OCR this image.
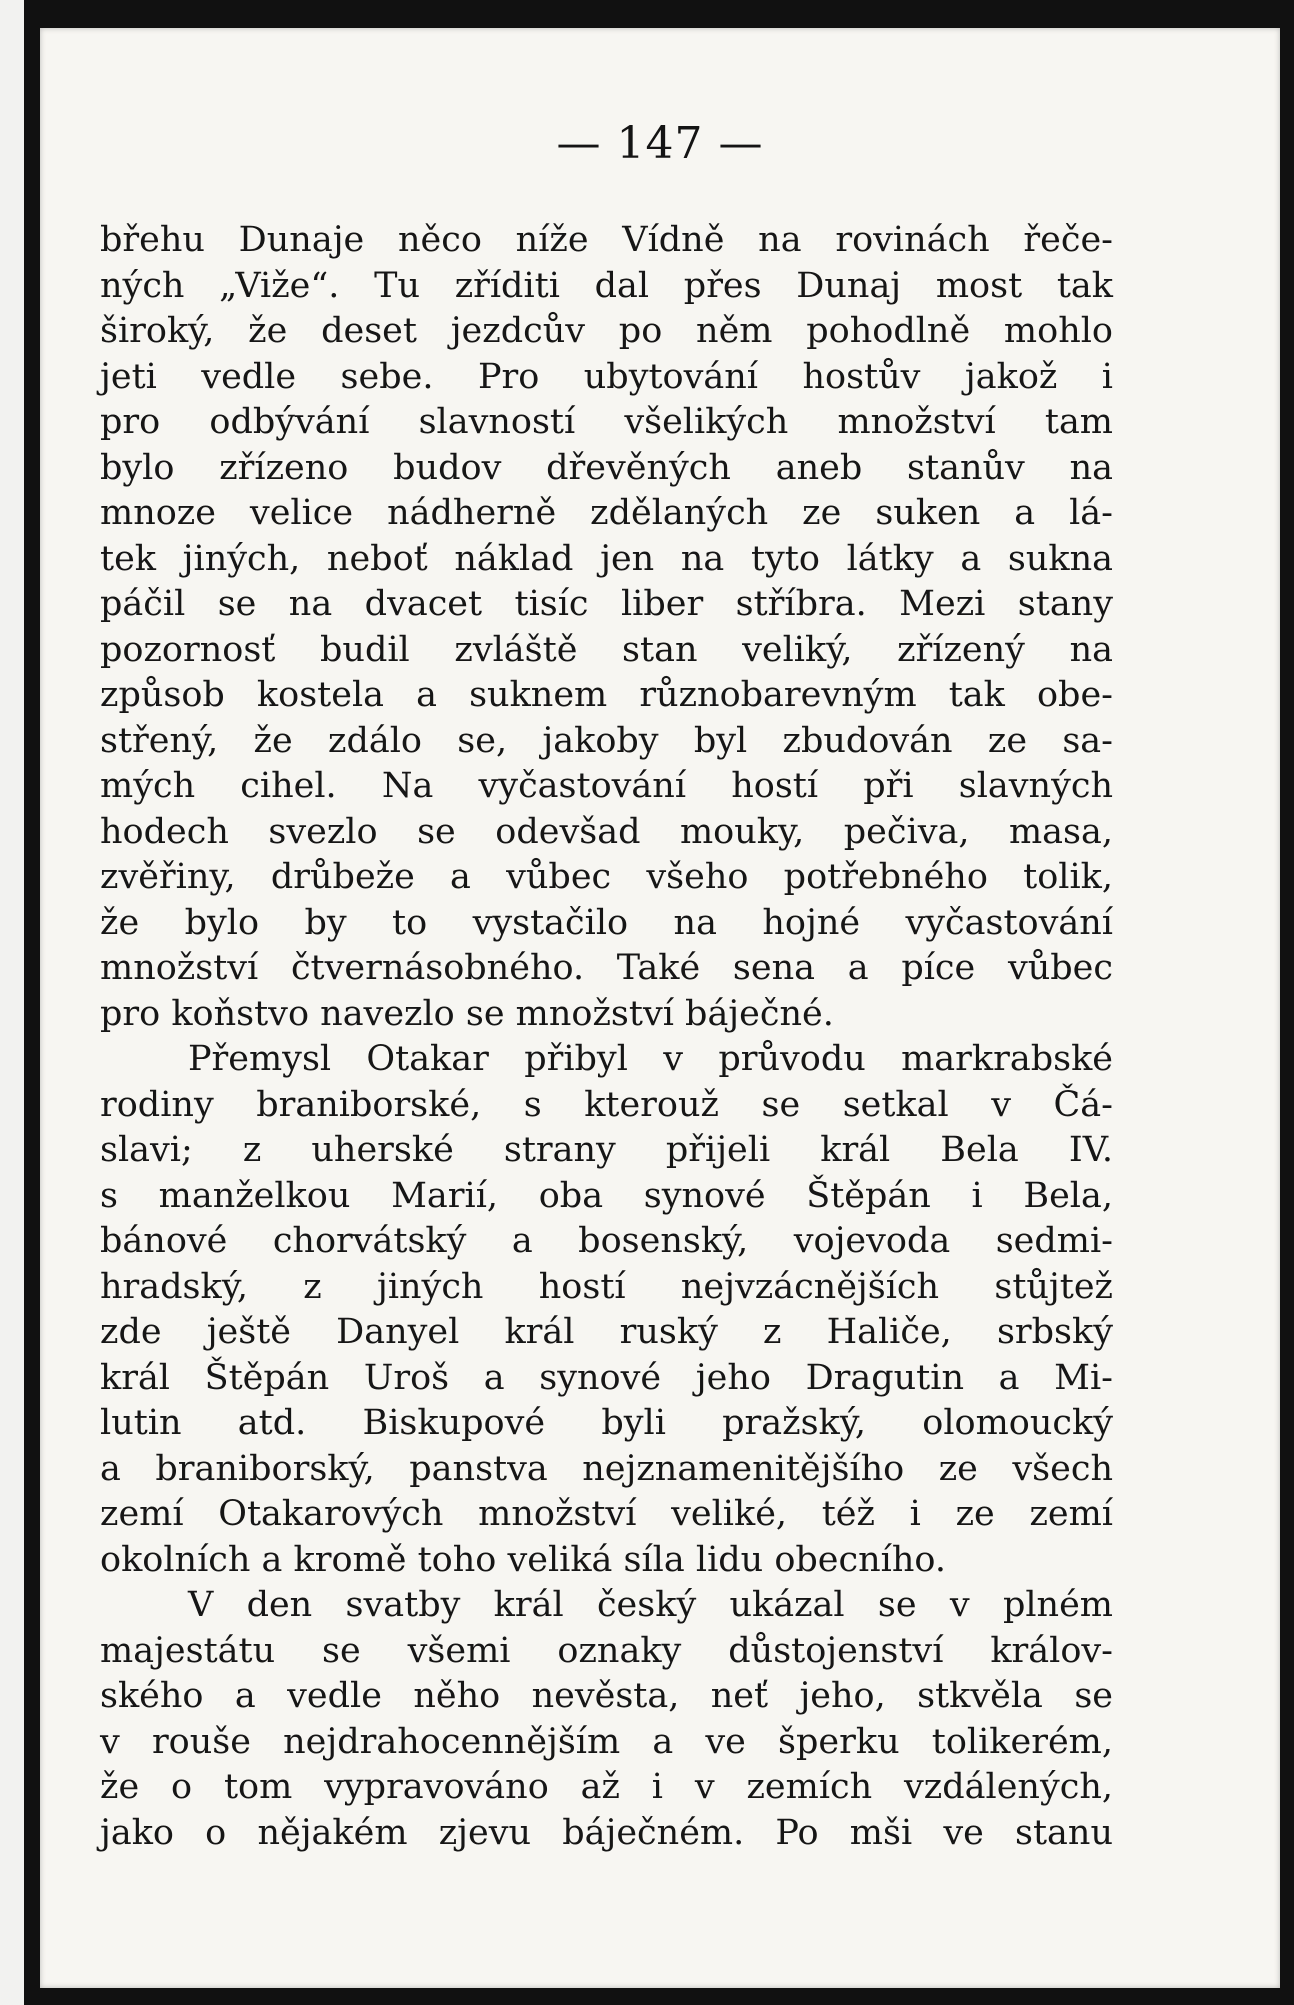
— 147 —
břehu Dunaje něco níže Vídně na rovinách řeče-
ných „Viže“. Tu zříditi dal přes Dunaj most tak
široký, že deset jezdcův po něm pohodlně mohlo
jeti vedle sebe. Pro ubytování hostův jakož i
pro odbývání slavností všelikých množství tam
bylo zřízeno budov dřevěných aneb stanův na
mnoze velice nádherně zdělaných ze suken a lá-
tek jiných, neboť náklad jen na tyto látky a sukna
páčil se na dvacet tisíc liber stříbra. Mezi stany
pozornosť budil zvláště stan veliký, zřízený na
způsob kostela a suknem různobarevným tak obe-
střený, že zdálo se, jakoby byl zbudován ze sa-
mých cihel. Na vyčastování hostí při slavných
hodech svezlo se odevšad mouky, pečiva, masa,
zvěřiny, drůbeže a vůbec všeho potřebného tolik,
že bylo by to vystačilo na hojné vyčastování
množství čtvernásobného. Také sena a píce vůbec
pro koňstvo navezlo se množství báječné.
Přemysl Otakar přibyl v průvodu markrabské
rodiny braniborské, s kterouž se setkal v Čá-
slavi; z uherské strany přijeli král Bela IV.
s manželkou Marií, oba synové Štěpán i Bela,
bánové chorvátský a bosenský, vojevoda sedmi-
hradský, z jiných hostí nejvzácnějších stůjtež
zde ještě Danyel král ruský z Haliče, srbský
král Štěpán Uroš a synové jeho Dragutin a Mi-
lutin atd. Biskupové byli pražský, olomoucký
a braniborský, panstva nejznamenitějšího ze všech
zemí Otakarových množství veliké, též i ze zemí
okolních a kromě toho veliká síla lidu obecního.
V den svatby král český ukázal se v plném
majestátu se všemi oznaky důstojenství králov-
ského a vedle něho nevěsta, neť jeho, stkvěla se
v rouše nejdrahocennějším a ve šperku tolikerém,
že o tom vypravováno až i v zemích vzdálených,
jako o nějakém zjevu báječném. Po mši ve stanu
